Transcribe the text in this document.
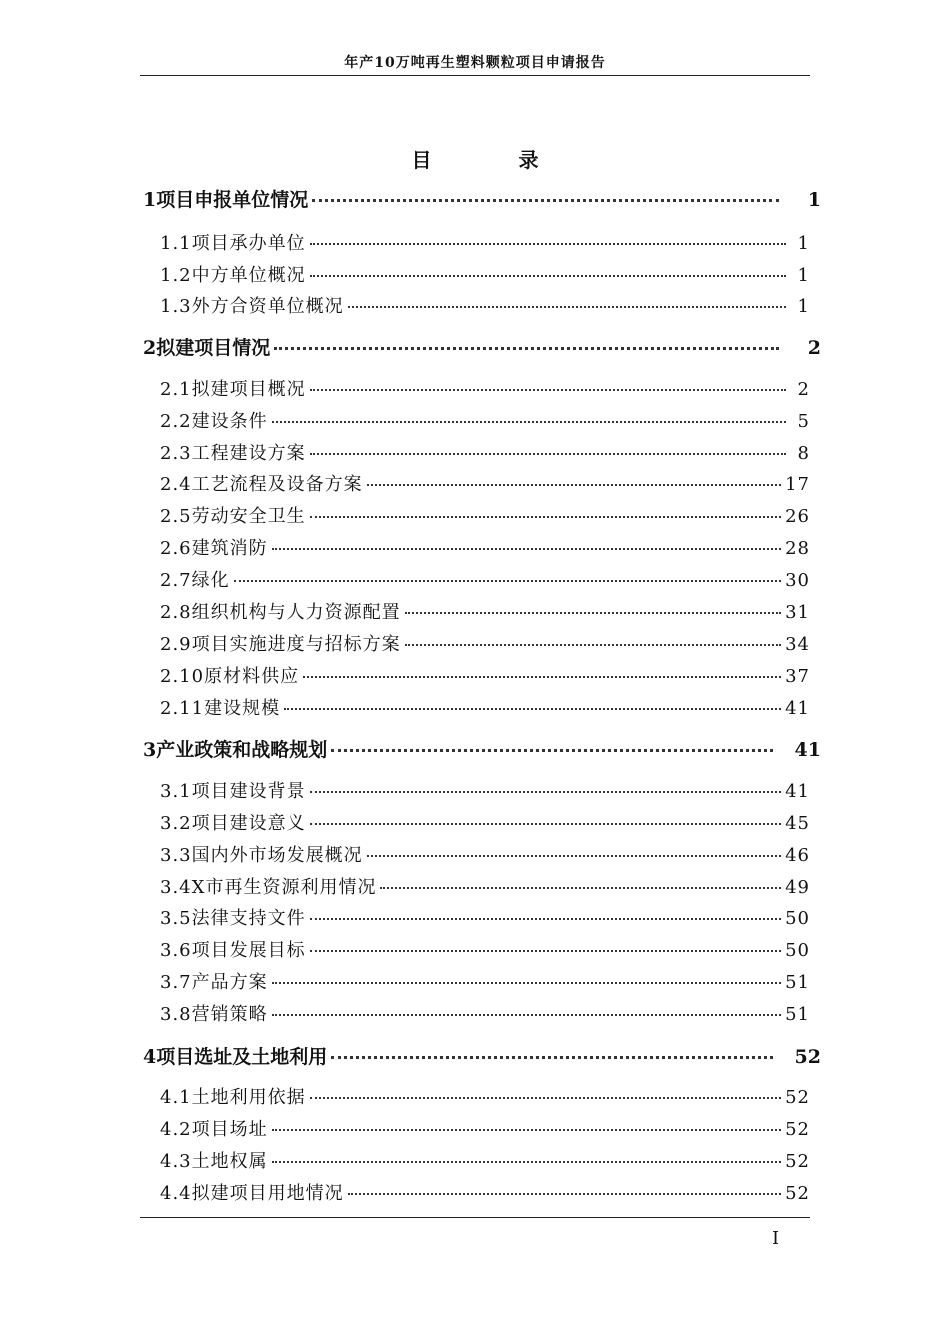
年产10万吨再生塑料颗粒项目申请报告
目 录
1项目申报单位情况	1
1.1项目承办单位	1
1.2中方单位概况	1
1.3外方合资单位概况	1
2拟建项目情况	2
2.1拟建项目概况	2
2.2建设条件	5
2.3工程建设方案	8
2.4工艺流程及设备方案	17
2.5劳动安全卫生	26
2.6建筑消防	28
2.7绿化	30
2.8组织机构与人力资源配置	31
2.9项目实施进度与招标方案	34
2.10原材料供应	37
2.11建设规模	41
3产业政策和战略规划	41
3.1项目建设背景	41
3.2项目建设意义	45
3.3国内外市场发展概况	46
3.4X市再生资源利用情况	49
3.5法律支持文件	50
3.6项目发展目标	50
3.7产品方案	51
3.8营销策略	51
4项目选址及土地利用	52
4.1土地利用依据	52
4.2项目场址	52
4.3土地权属	52
4.4拟建项目用地情况	52
I
